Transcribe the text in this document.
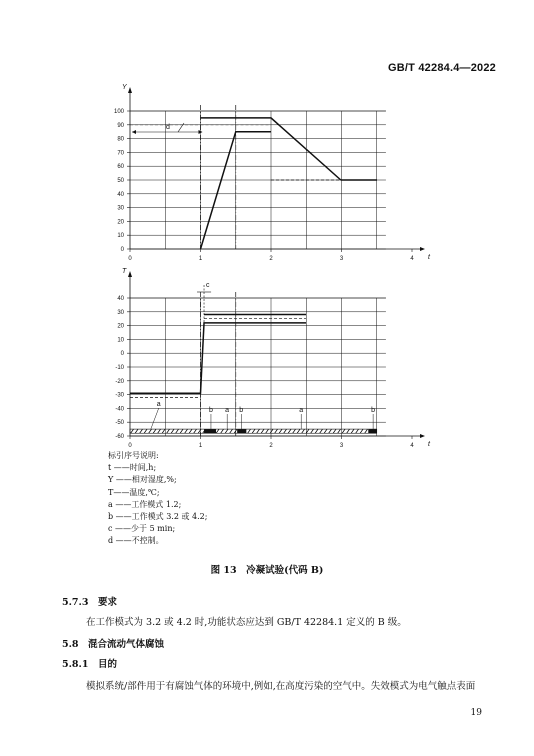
GB/T 42284.4—2022
0
10
20
30
40
50
60
70
80
90
100
Y
t
0	1	2	3	4
d
40
30
20
10
0
-10
-20
-30
-40
-50
-60
T
t
0	1	2	3	4
c
a
b a b	a	b
标引序号说明:
t ——时间,h;
Y ——相对湿度,%;
T——温度,℃;
a ——工作模式 1.2;
b ——工作模式 3.2 或 4.2;
c ——少于 5 min;
d ——不控制。
图 13　冷凝试验(代码 B)
5.7.3　要求
在工作模式为 3.2 或 4.2 时,功能状态应达到 GB/T 42284.1 定义的 B 级。
5.8　混合流动气体腐蚀
5.8.1　目的
模拟系统/部件用于有腐蚀气体的环境中,例如,在高度污染的空气中。失效模式为电气触点表面
19
